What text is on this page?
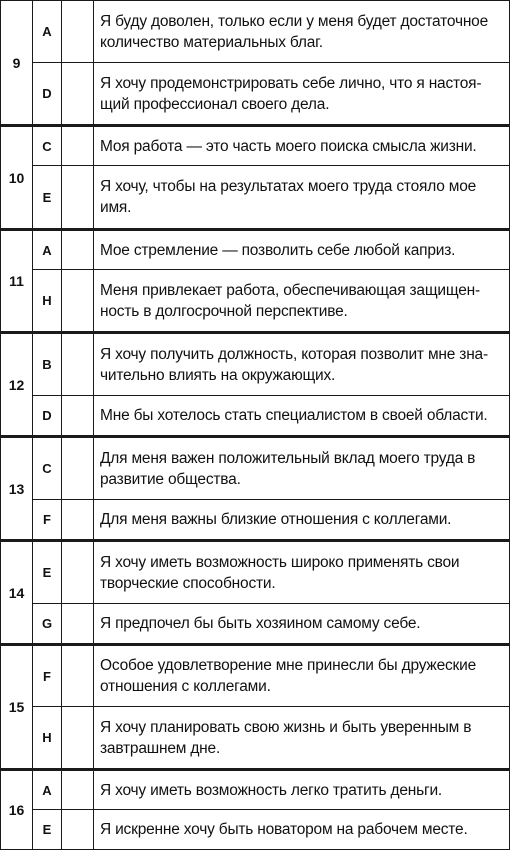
9	A		Я буду доволен, только если у меня будет достаточное количество материальных благ.

	D		Я хочу продемонстрировать себе лично, что я настоя-щий профессионал своего дела.

10	C		Моя работа — это часть моего поиска смысла жизни.

	E		Я хочу, чтобы на результатах моего труда стояло мое имя.

11	A		Мое стремление — позволить себе любой каприз.

	H		Меня привлекает работа, обеспечивающая защищен-ность в долгосрочной перспективе.

12	B		Я хочу получить должность, которая позволит мне зна-чительно влиять на окружающих.

	D		Мне бы хотелось стать специалистом в своей области.

13	C		Для меня важен положительный вклад моего труда в развитие общества.

	F		Для меня важны близкие отношения с коллегами.

14	E		Я хочу иметь возможность широко применять свои творческие способности.

	G		Я предпочел бы быть хозяином самому себе.

15	F		Особое удовлетворение мне принесли бы дружеские отношения с коллегами.

	H		Я хочу планировать свою жизнь и быть уверенным в завтрашнем дне.

16	A		Я хочу иметь возможность легко тратить деньги.

	E		Я искренне хочу быть новатором на рабочем месте.
